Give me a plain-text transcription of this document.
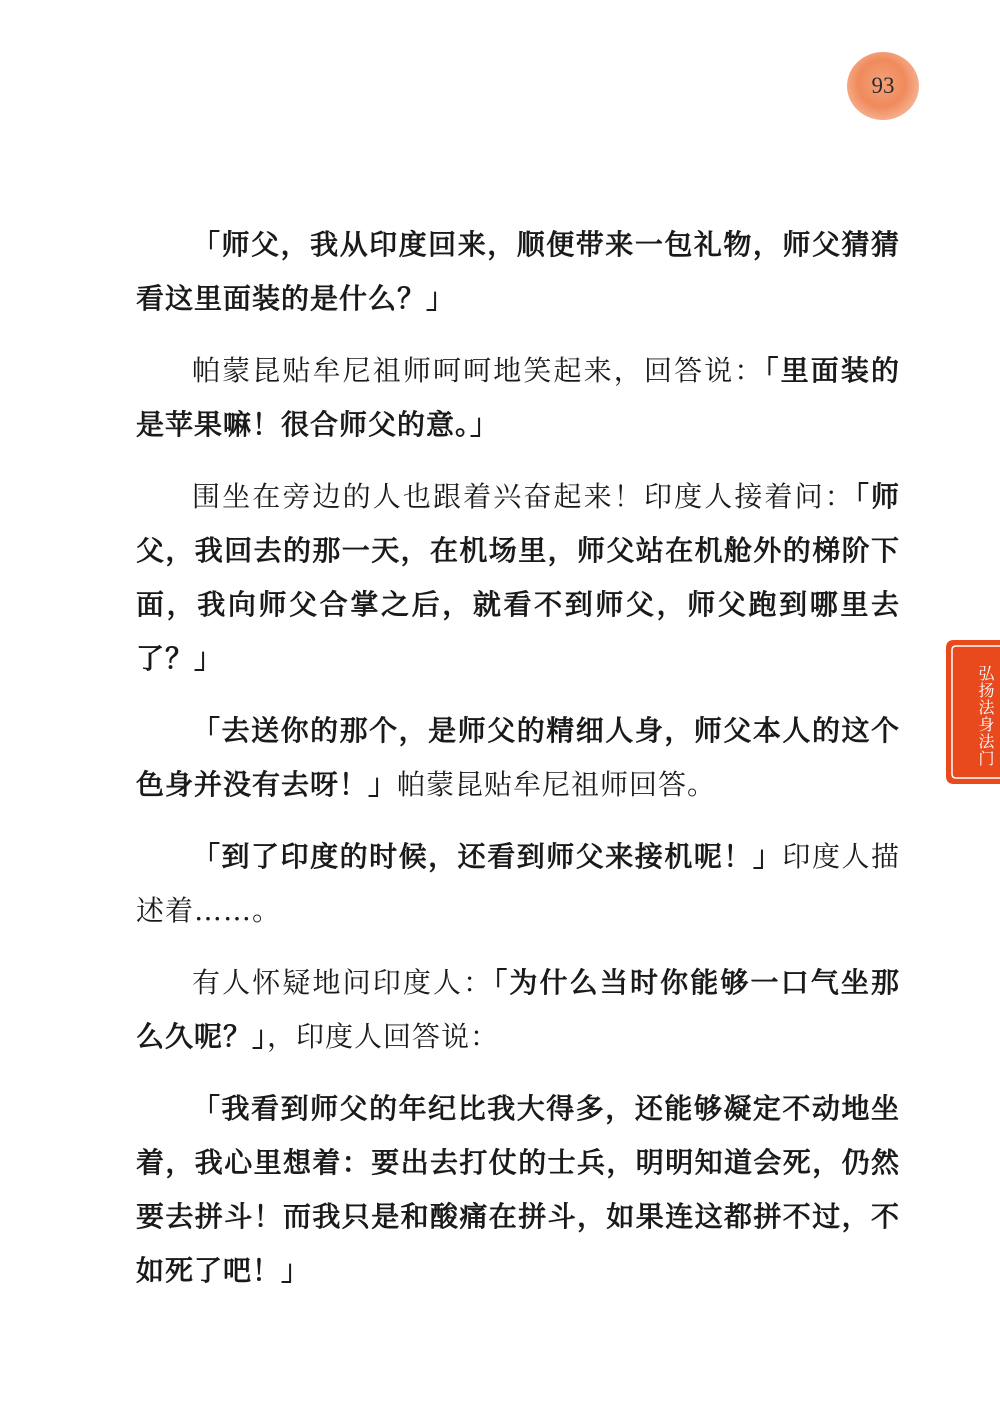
93
弘扬法身法门

「师父，我从印度回来，顺便带来一包礼物，师父猜猜看这里面装的是什么？」

帕蒙昆贴牟尼祖师呵呵地笑起来，回答说：「里面装的是苹果嘛！很合师父的意。」

围坐在旁边的人也跟着兴奋起来！印度人接着问：「师父，我回去的那一天，在机场里，师父站在机舱外的梯阶下面，我向师父合掌之后，就看不到师父，师父跑到哪里去了？」

「去送你的那个，是师父的精细人身，师父本人的这个色身并没有去呀！」帕蒙昆贴牟尼祖师回答。

「到了印度的时候，还看到师父来接机呢！」印度人描述着……。

有人怀疑地问印度人：「为什么当时你能够一口气坐那么久呢？」，印度人回答说：

「我看到师父的年纪比我大得多，还能够凝定不动地坐着，我心里想着：要出去打仗的士兵，明明知道会死，仍然要去拼斗！而我只是和酸痛在拼斗，如果连这都拼不过，不如死了吧！」
